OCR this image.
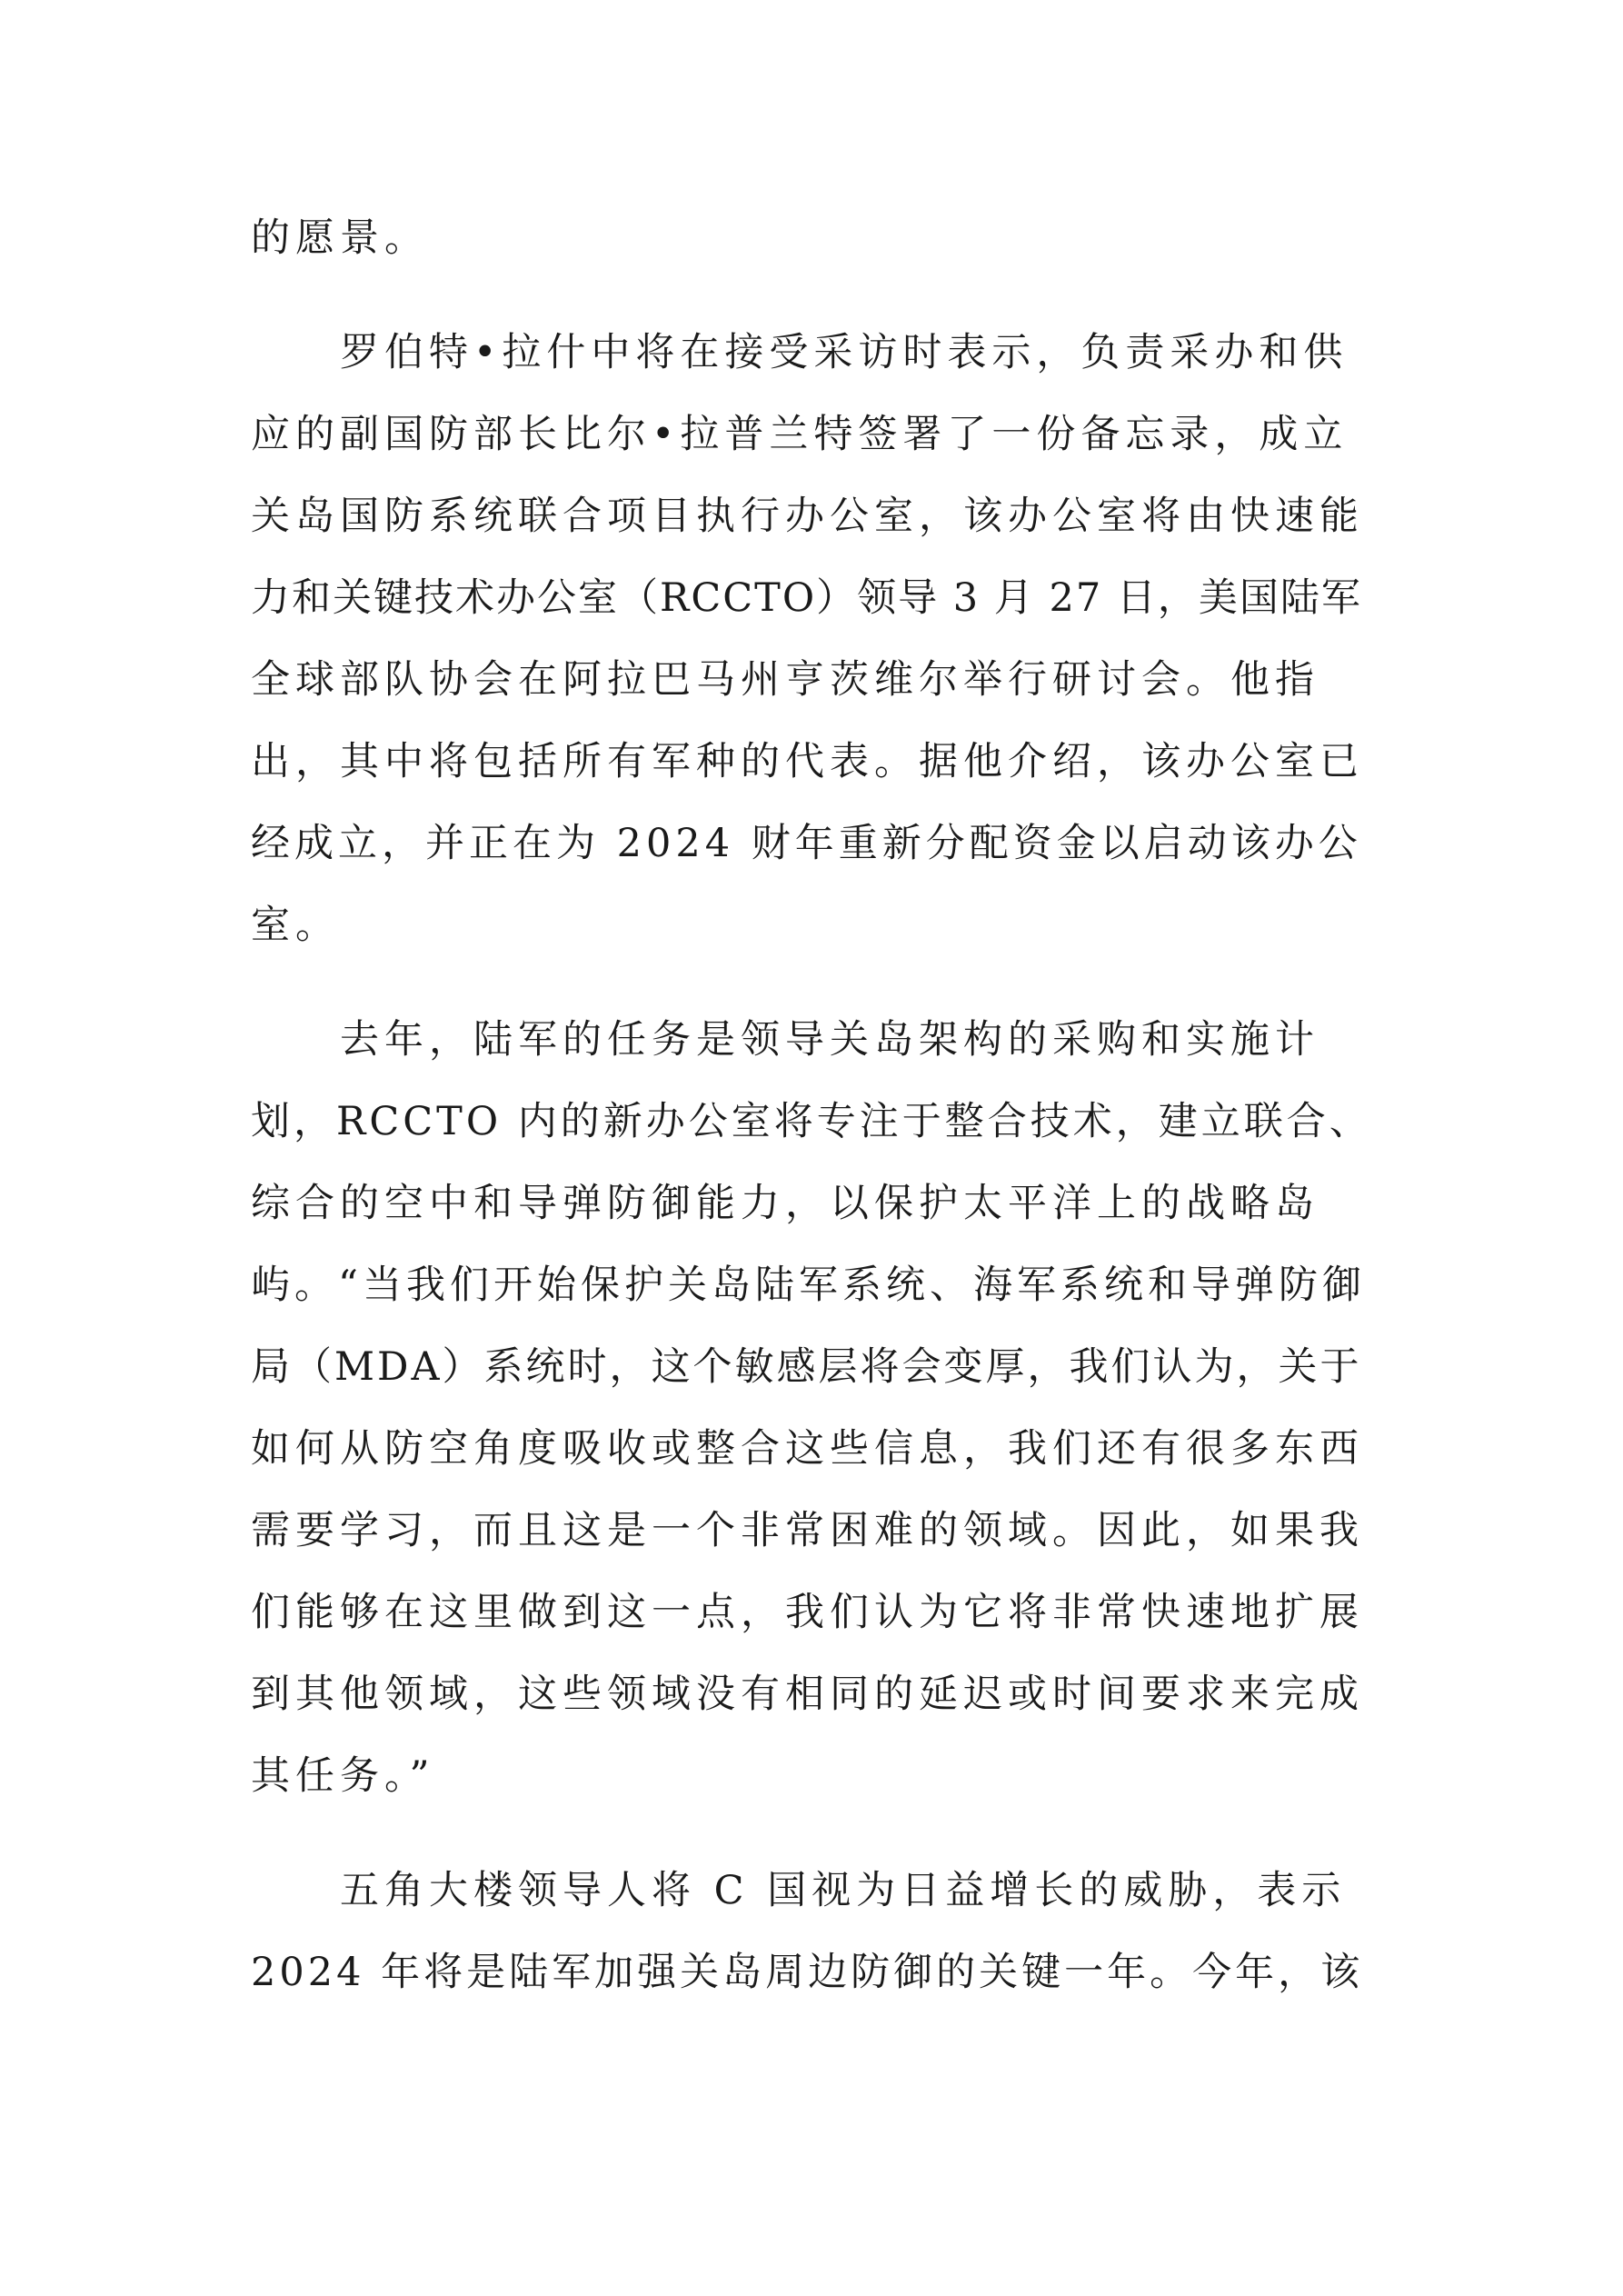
的愿景。
罗伯特•拉什中将在接受采访时表示，负责采办和供
应的副国防部长比尔•拉普兰特签署了一份备忘录，成立
关岛国防系统联合项目执行办公室，该办公室将由快速能
力和关键技术办公室（RCCTO）领导 3 月 27 日，美国陆军
全球部队协会在阿拉巴马州亨茨维尔举行研讨会。他指
出，其中将包括所有军种的代表。据他介绍，该办公室已
经成立，并正在为 2024 财年重新分配资金以启动该办公
室。
去年，陆军的任务是领导关岛架构的采购和实施计
划，RCCTO 内的新办公室将专注于整合技术，建立联合、
综合的空中和导弹防御能力，以保护太平洋上的战略岛
屿。“当我们开始保护关岛陆军系统、海军系统和导弹防御
局（MDA）系统时，这个敏感层将会变厚，我们认为，关于
如何从防空角度吸收或整合这些信息，我们还有很多东西
需要学习，而且这是一个非常困难的领域。因此，如果我
们能够在这里做到这一点，我们认为它将非常快速地扩展
到其他领域，这些领域没有相同的延迟或时间要求来完成
其任务。”
五角大楼领导人将 C 国视为日益增长的威胁，表示
2024 年将是陆军加强关岛周边防御的关键一年。今年，该
